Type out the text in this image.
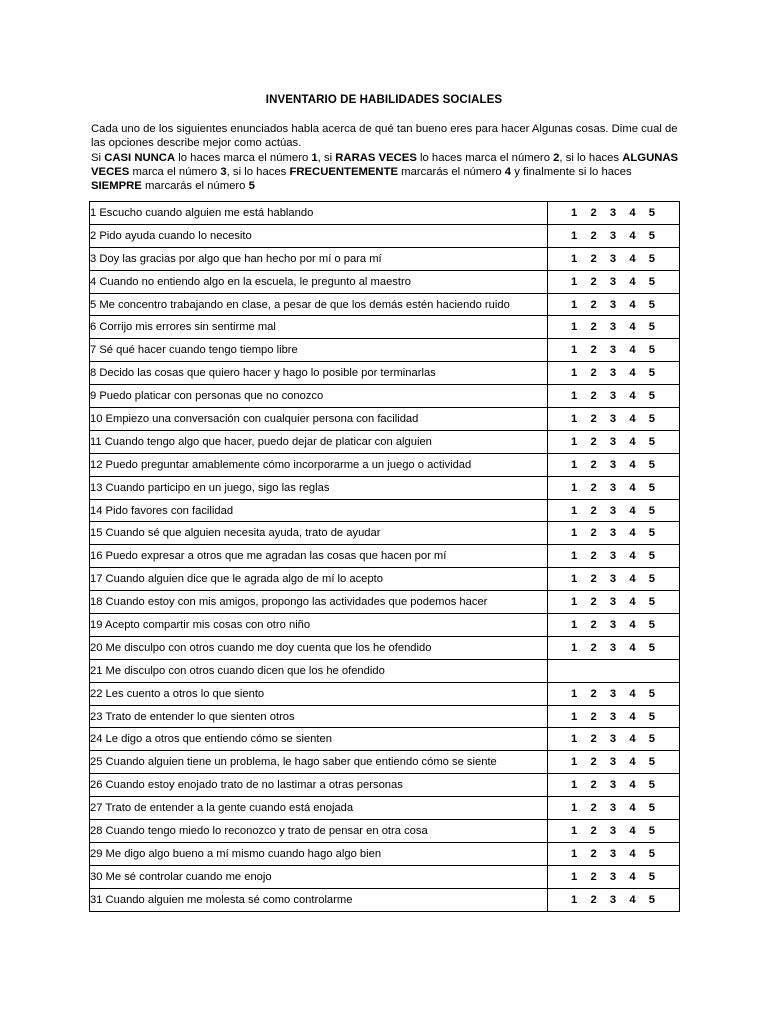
INVENTARIO DE HABILIDADES SOCIALES

Cada uno de los siguientes enunciados habla acerca de qué tan bueno eres para hacer Algunas cosas. Dime cual de las opciones describe mejor como actúas.

Si CASI NUNCA lo haces marca el número 1, si RARAS VECES lo haces marca el número 2, si lo haces ALGUNAS VECES marca el número 3, si lo haces FRECUENTEMENTE marcarás el número 4 y finalmente si lo haces SIEMPRE marcarás el número 5

1 Escucho cuando alguien me está hablando	1 2 3 4 5

2 Pido ayuda cuando lo necesito	1 2 3 4 5

3 Doy las gracias por algo que han hecho por mí o para mí	1 2 3 4 5

4 Cuando no entiendo algo en la escuela, le pregunto al maestro	1 2 3 4 5

5 Me concentro trabajando en clase, a pesar de que los demás estén haciendo ruido	1 2 3 4 5

6 Corrijo mis errores sin sentirme mal	1 2 3 4 5

7 Sé qué hacer cuando tengo tiempo libre	1 2 3 4 5

8 Decido las cosas que quiero hacer y hago lo posible por terminarlas	1 2 3 4 5

9 Puedo platicar con personas que no conozco	1 2 3 4 5

10 Empiezo una conversación con cualquier persona con facilidad	1 2 3 4 5

11 Cuando tengo algo que hacer, puedo dejar de platicar con alguien	1 2 3 4 5

12 Puedo preguntar amablemente cómo incorporarme a un juego o actividad	1 2 3 4 5

13 Cuando participo en un juego, sigo las reglas	1 2 3 4 5

14 Pido favores con facilidad	1 2 3 4 5

15 Cuando sé que alguien necesita ayuda, trato de ayudar	1 2 3 4 5

16 Puedo expresar a otros que me agradan las cosas que hacen por mí	1 2 3 4 5

17 Cuando alguien dice que le agrada algo de mí lo acepto	1 2 3 4 5

18 Cuando estoy con mis amigos, propongo las actividades que podemos hacer	1 2 3 4 5

19 Acepto compartir mis cosas con otro niño	1 2 3 4 5

20 Me disculpo con otros cuando me doy cuenta que los he ofendido	1 2 3 4 5

21 Me disculpo con otros cuando dicen que los he ofendido	
22 Les cuento a otros lo que siento	1 2 3 4 5

23 Trato de entender lo que sienten otros	1 2 3 4 5

24 Le digo a otros que entiendo cómo se sienten	1 2 3 4 5

25 Cuando alguien tiene un problema, le hago saber que entiendo cómo se siente	1 2 3 4 5

26 Cuando estoy enojado trato de no lastimar a otras personas	1 2 3 4 5

27 Trato de entender a la gente cuando está enojada	1 2 3 4 5

28 Cuando tengo miedo lo reconozco y trato de pensar en otra cosa	1 2 3 4 5

29 Me digo algo bueno a mí mismo cuando hago algo bien	1 2 3 4 5

30 Me sé controlar cuando me enojo	1 2 3 4 5

31 Cuando alguien me molesta sé como controlarme	1 2 3 4 5
